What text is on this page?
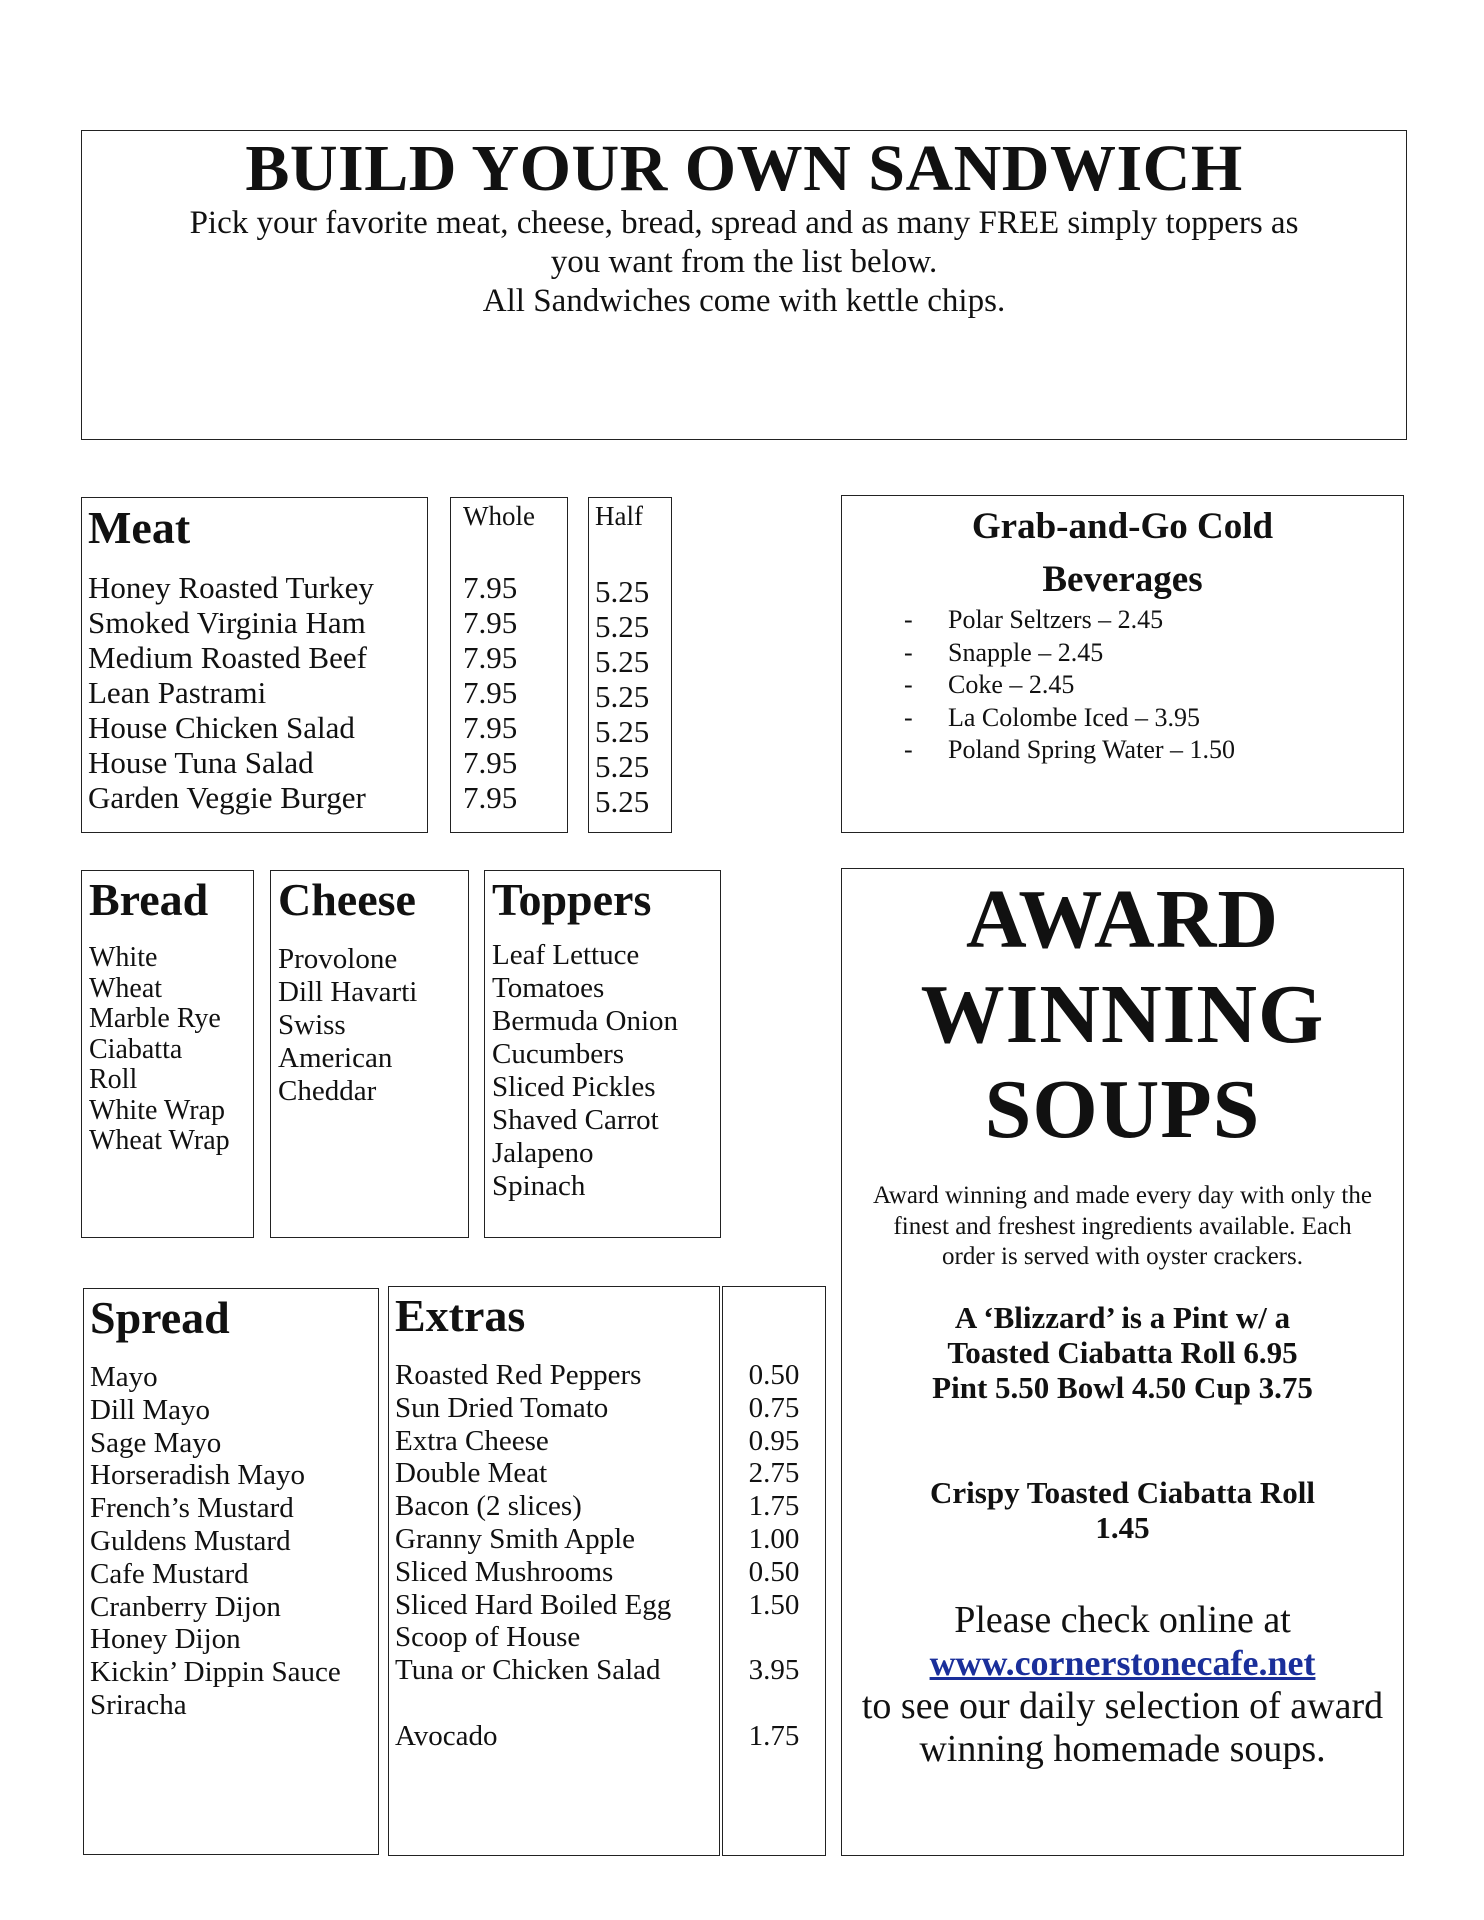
BUILD YOUR OWN SANDWICH
Pick your favorite meat, cheese, bread, spread and as many FREE simply toppers as
you want from the list below.
All Sandwiches come with kettle chips.
Meat
Honey Roasted Turkey
Smoked Virginia Ham
Medium Roasted Beef
Lean Pastrami
House Chicken Salad
House Tuna Salad
Garden Veggie Burger
Whole
7.95
7.95
7.95
7.95
7.95
7.95
7.95
Half
5.25
5.25
5.25
5.25
5.25
5.25
5.25
Grab-and-Go Cold
Beverages
- Polar Seltzers – 2.45
- Snapple – 2.45
- Coke – 2.45
- La Colombe Iced – 3.95
- Poland Spring Water – 1.50
Bread
White
Wheat
Marble Rye
Ciabatta
Roll
White Wrap
Wheat Wrap
Cheese
Provolone
Dill Havarti
Swiss
American
Cheddar
Toppers
Leaf Lettuce
Tomatoes
Bermuda Onion
Cucumbers
Sliced Pickles
Shaved Carrot
Jalapeno
Spinach
Spread
Mayo
Dill Mayo
Sage Mayo
Horseradish Mayo
French’s Mustard
Guldens Mustard
Cafe Mustard
Cranberry Dijon
Honey Dijon
Kickin’ Dippin Sauce
Sriracha
Extras
Roasted Red Peppers
Sun Dried Tomato
Extra Cheese
Double Meat
Bacon (2 slices)
Granny Smith Apple
Sliced Mushrooms
Sliced Hard Boiled Egg
Scoop of House
Tuna or Chicken Salad
Avocado
0.50
0.75
0.95
2.75
1.75
1.00
0.50
1.50
3.95
1.75
AWARD
WINNING
SOUPS
Award winning and made every day with only the finest and freshest ingredients available. Each order is served with oyster crackers.
A ‘Blizzard’ is a Pint w/ a
Toasted Ciabatta Roll 6.95
Pint 5.50 Bowl 4.50 Cup 3.75
Crispy Toasted Ciabatta Roll
1.45
Please check online at
www.cornerstonecafe.net
to see our daily selection of award winning homemade soups.
